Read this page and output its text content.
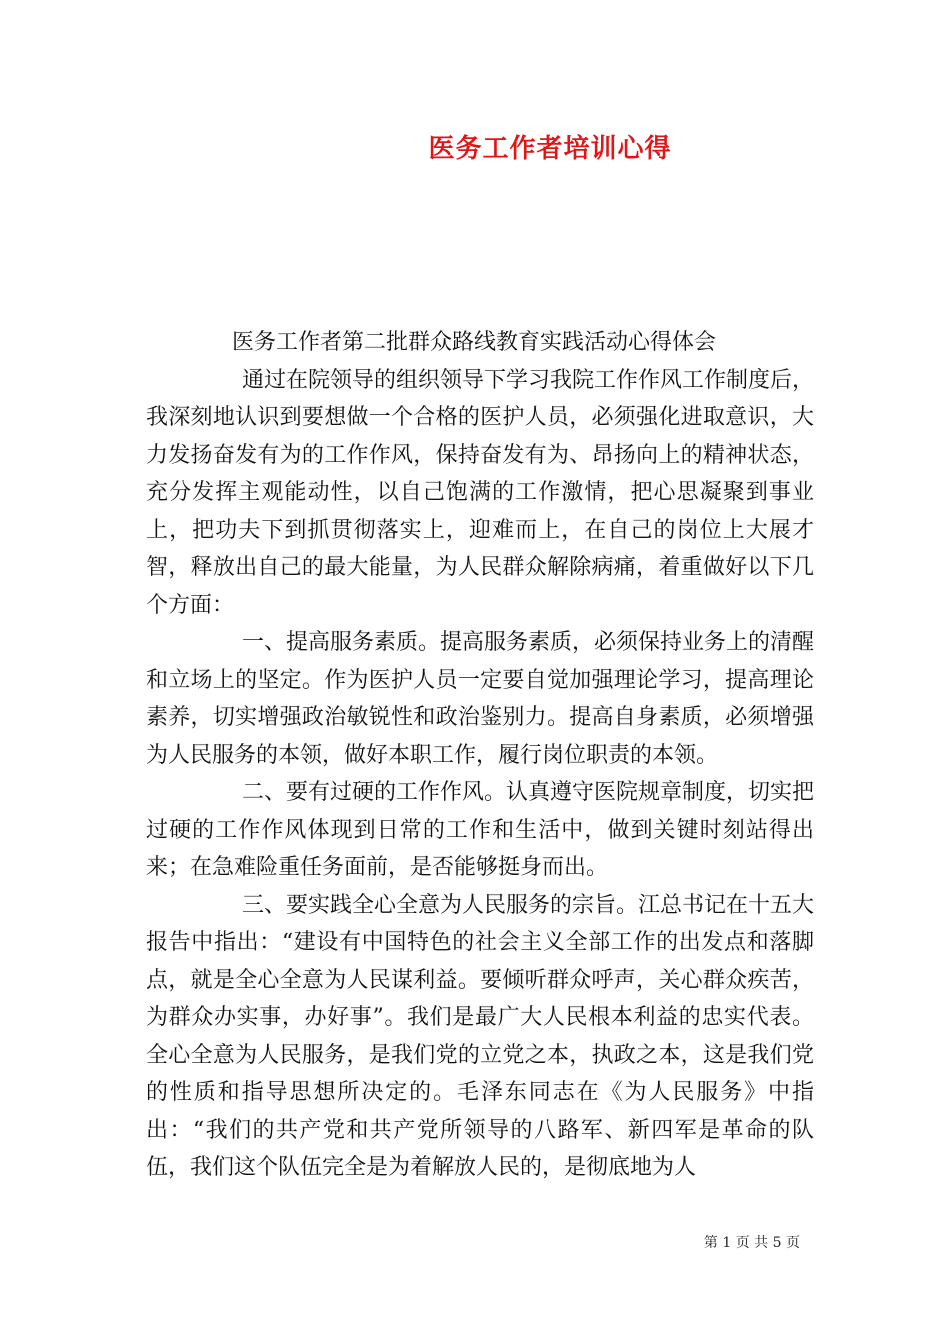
医务工作者培训心得

医务工作者第二批群众路线教育实践活动心得体会

通过在院领导的组织领导下学习我院工作作风工作制度后，我深刻地认识到要想做一个合格的医护人员，必须强化进取意识，大力发扬奋发有为的工作作风，保持奋发有为、昂扬向上的精神状态，充分发挥主观能动性，以自己饱满的工作激情，把心思凝聚到事业上，把功夫下到抓贯彻落实上，迎难而上，在自己的岗位上大展才智，释放出自己的最大能量，为人民群众解除病痛，着重做好以下几个方面：

一、提高服务素质。提高服务素质，必须保持业务上的清醒和立场上的坚定。作为医护人员一定要自觉加强理论学习，提高理论素养，切实增强政治敏锐性和政治鉴别力。提高自身素质，必须增强为人民服务的本领，做好本职工作，履行岗位职责的本领。

二、要有过硬的工作作风。认真遵守医院规章制度，切实把过硬的工作作风体现到日常的工作和生活中，做到关键时刻站得出来；在急难险重任务面前，是否能够挺身而出。

三、要实践全心全意为人民服务的宗旨。江总书记在十五大报告中指出：“建设有中国特色的社会主义全部工作的出发点和落脚点，就是全心全意为人民谋利益。要倾听群众呼声，关心群众疾苦，为群众办实事，办好事”。我们是最广大人民根本利益的忠实代表。全心全意为人民服务，是我们党的立党之本，执政之本，这是我们党的性质和指导思想所决定的。毛泽东同志在《为人民服务》中指出：“我们的共产党和共产党所领导的八路军、新四军是革命的队伍，我们这个队伍完全是为着解放人民的，是彻底地为人

第 1 页 共 5 页
